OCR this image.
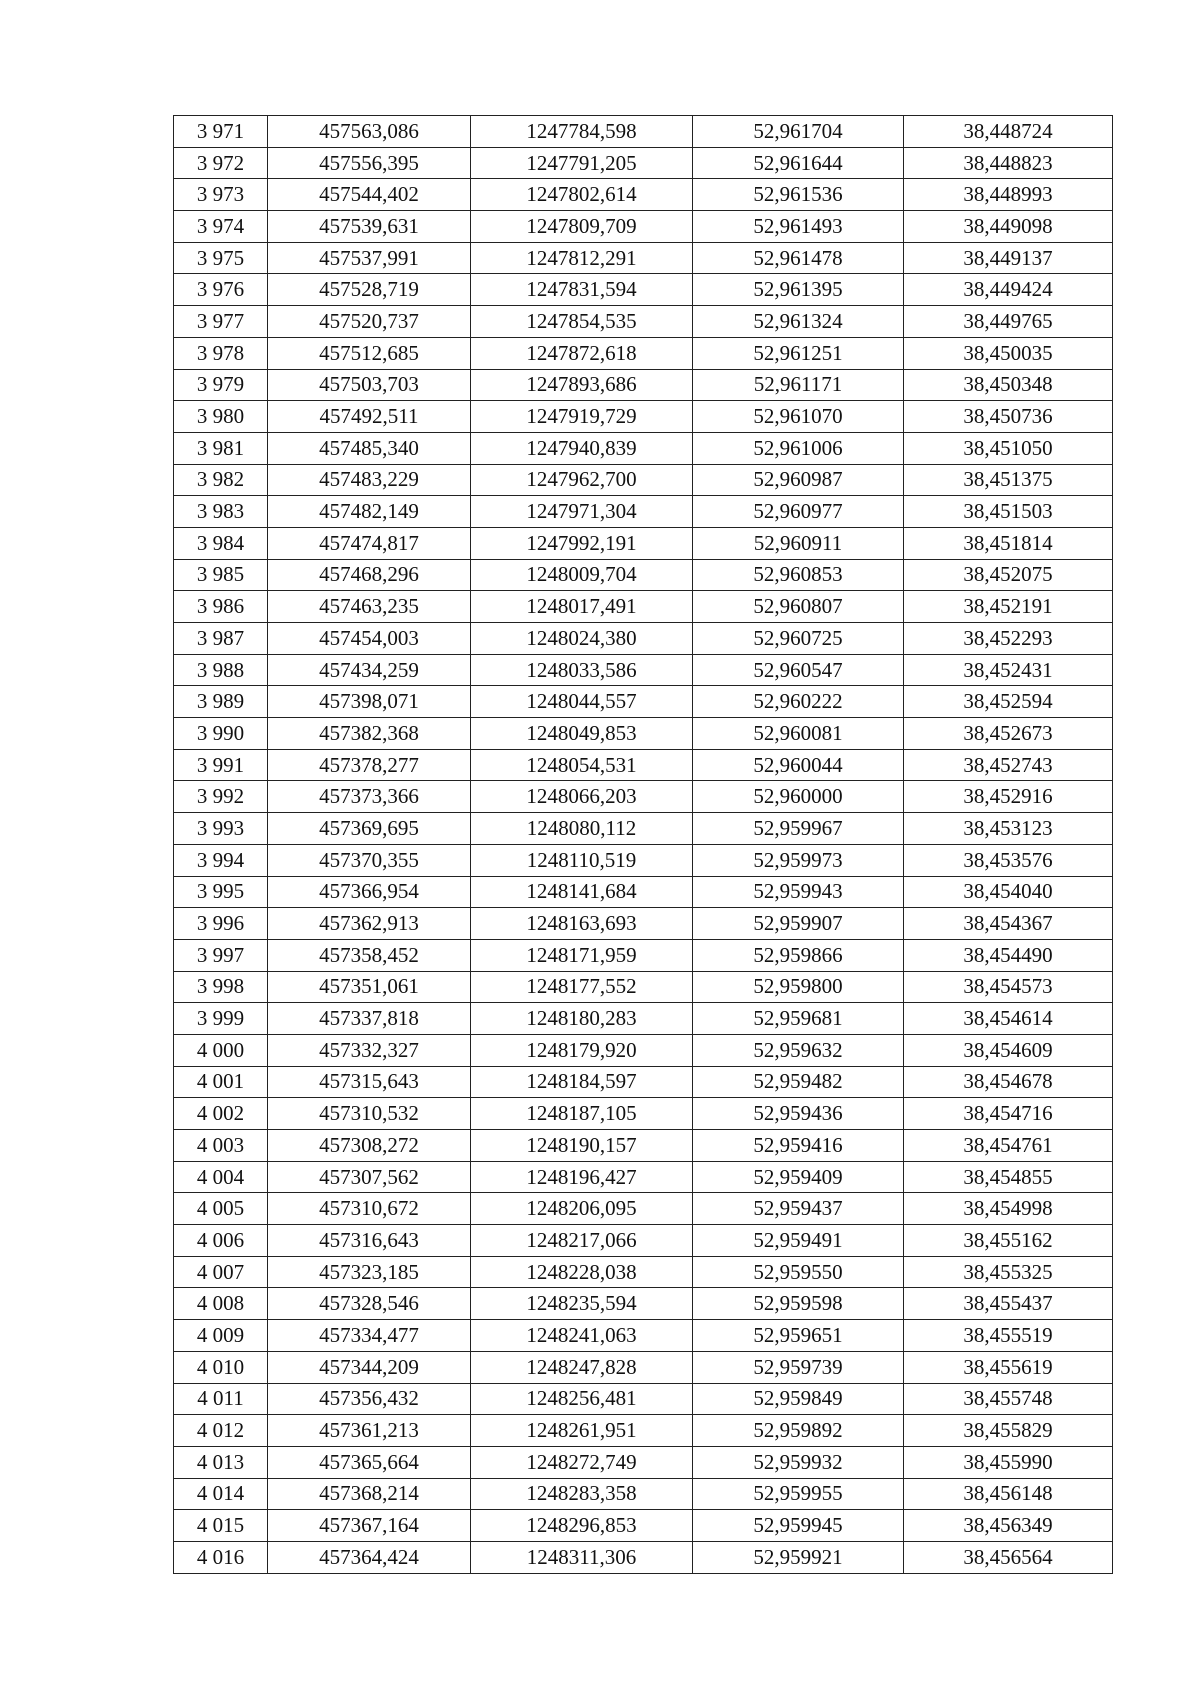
3 971	457563,086	1247784,598	52,961704	38,448724
3 972	457556,395	1247791,205	52,961644	38,448823
3 973	457544,402	1247802,614	52,961536	38,448993
3 974	457539,631	1247809,709	52,961493	38,449098
3 975	457537,991	1247812,291	52,961478	38,449137
3 976	457528,719	1247831,594	52,961395	38,449424
3 977	457520,737	1247854,535	52,961324	38,449765
3 978	457512,685	1247872,618	52,961251	38,450035
3 979	457503,703	1247893,686	52,961171	38,450348
3 980	457492,511	1247919,729	52,961070	38,450736
3 981	457485,340	1247940,839	52,961006	38,451050
3 982	457483,229	1247962,700	52,960987	38,451375
3 983	457482,149	1247971,304	52,960977	38,451503
3 984	457474,817	1247992,191	52,960911	38,451814
3 985	457468,296	1248009,704	52,960853	38,452075
3 986	457463,235	1248017,491	52,960807	38,452191
3 987	457454,003	1248024,380	52,960725	38,452293
3 988	457434,259	1248033,586	52,960547	38,452431
3 989	457398,071	1248044,557	52,960222	38,452594
3 990	457382,368	1248049,853	52,960081	38,452673
3 991	457378,277	1248054,531	52,960044	38,452743
3 992	457373,366	1248066,203	52,960000	38,452916
3 993	457369,695	1248080,112	52,959967	38,453123
3 994	457370,355	1248110,519	52,959973	38,453576
3 995	457366,954	1248141,684	52,959943	38,454040
3 996	457362,913	1248163,693	52,959907	38,454367
3 997	457358,452	1248171,959	52,959866	38,454490
3 998	457351,061	1248177,552	52,959800	38,454573
3 999	457337,818	1248180,283	52,959681	38,454614
4 000	457332,327	1248179,920	52,959632	38,454609
4 001	457315,643	1248184,597	52,959482	38,454678
4 002	457310,532	1248187,105	52,959436	38,454716
4 003	457308,272	1248190,157	52,959416	38,454761
4 004	457307,562	1248196,427	52,959409	38,454855
4 005	457310,672	1248206,095	52,959437	38,454998
4 006	457316,643	1248217,066	52,959491	38,455162
4 007	457323,185	1248228,038	52,959550	38,455325
4 008	457328,546	1248235,594	52,959598	38,455437
4 009	457334,477	1248241,063	52,959651	38,455519
4 010	457344,209	1248247,828	52,959739	38,455619
4 011	457356,432	1248256,481	52,959849	38,455748
4 012	457361,213	1248261,951	52,959892	38,455829
4 013	457365,664	1248272,749	52,959932	38,455990
4 014	457368,214	1248283,358	52,959955	38,456148
4 015	457367,164	1248296,853	52,959945	38,456349
4 016	457364,424	1248311,306	52,959921	38,456564
